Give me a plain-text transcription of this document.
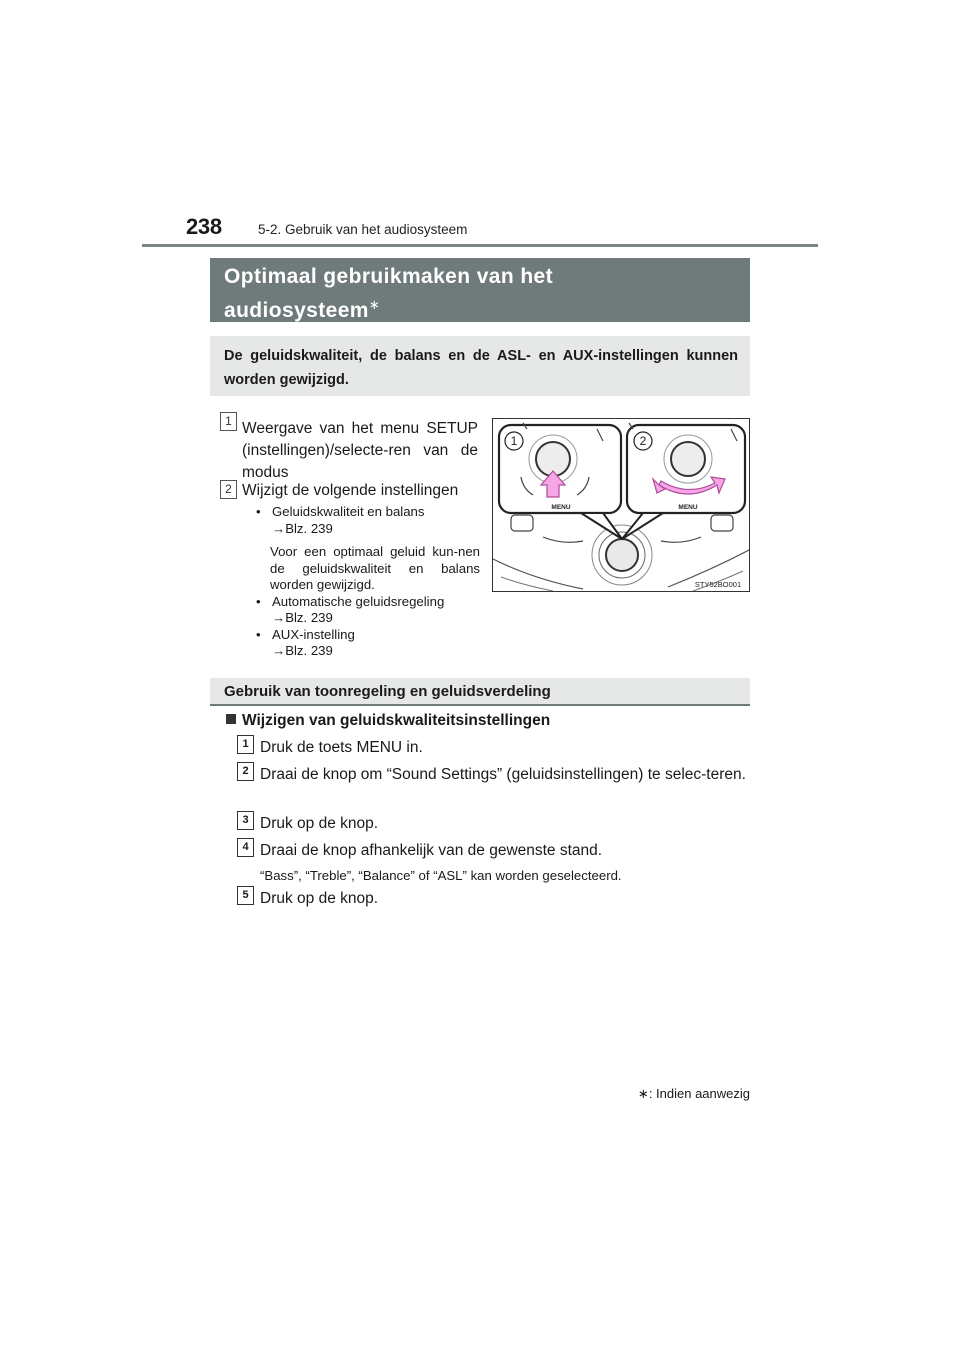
238	5-2. Gebruik van het audiosysteem
Optimaal gebruikmaken van het
audiosysteem∗
De geluidskwaliteit, de balans en de ASL- en AUX-instellingen kunnen worden gewijzigd.
1 Weergave van het menu SETUP (instellingen)/selecte-ren van de modus
2 Wijzigt de volgende instellingen
• Geluidskwaliteit en balans
→Blz. 239
Voor een optimaal geluid kun-nen de geluidskwaliteit en balans worden gewijzigd.
• Automatische geluidsregeling
→Blz. 239
• AUX-instelling
→Blz. 239
1	2
MENU	MENU
STY52BO001
Gebruik van toonregeling en geluidsverdeling
Wijzigen van geluidskwaliteitsinstellingen
1 Druk de toets MENU in.
2 Draai de knop om “Sound Settings” (geluidsinstellingen) te selec-teren.
3 Druk op de knop.
4 Draai de knop afhankelijk van de gewenste stand.
“Bass”, “Treble”, “Balance” of “ASL” kan worden geselecteerd.
5 Druk op de knop.
∗: Indien aanwezig
